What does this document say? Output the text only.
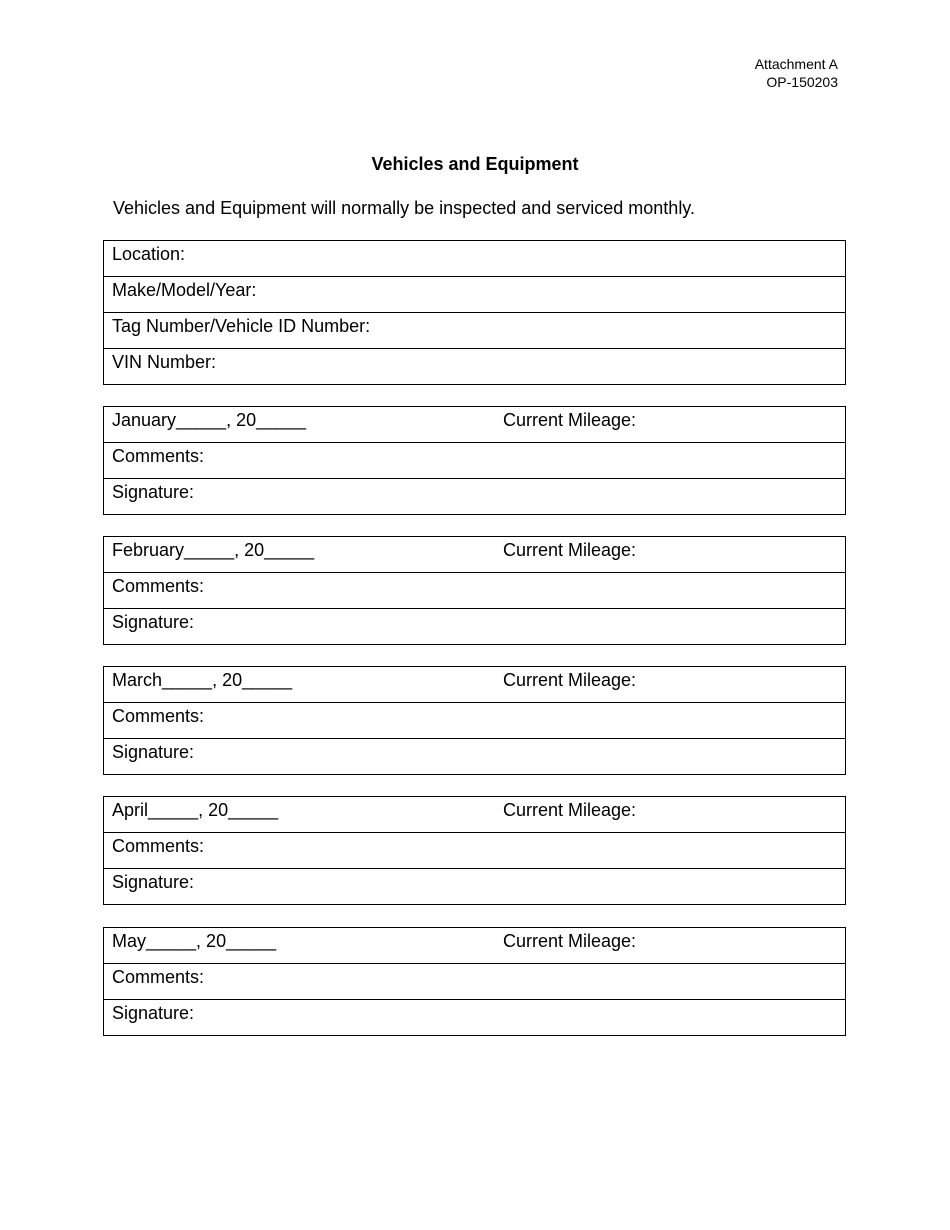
Attachment A
OP-150203
Vehicles and Equipment
Vehicles and Equipment will normally be inspected and serviced monthly.
Location:
Make/Model/Year:
Tag Number/Vehicle ID Number:
VIN Number:
January_____, 20_____	Current Mileage:
Comments:
Signature:
February_____, 20_____	Current Mileage:
Comments:
Signature:
March_____, 20_____	Current Mileage:
Comments:
Signature:
April_____, 20_____	Current Mileage:
Comments:
Signature:
May_____, 20_____	Current Mileage:
Comments:
Signature:
